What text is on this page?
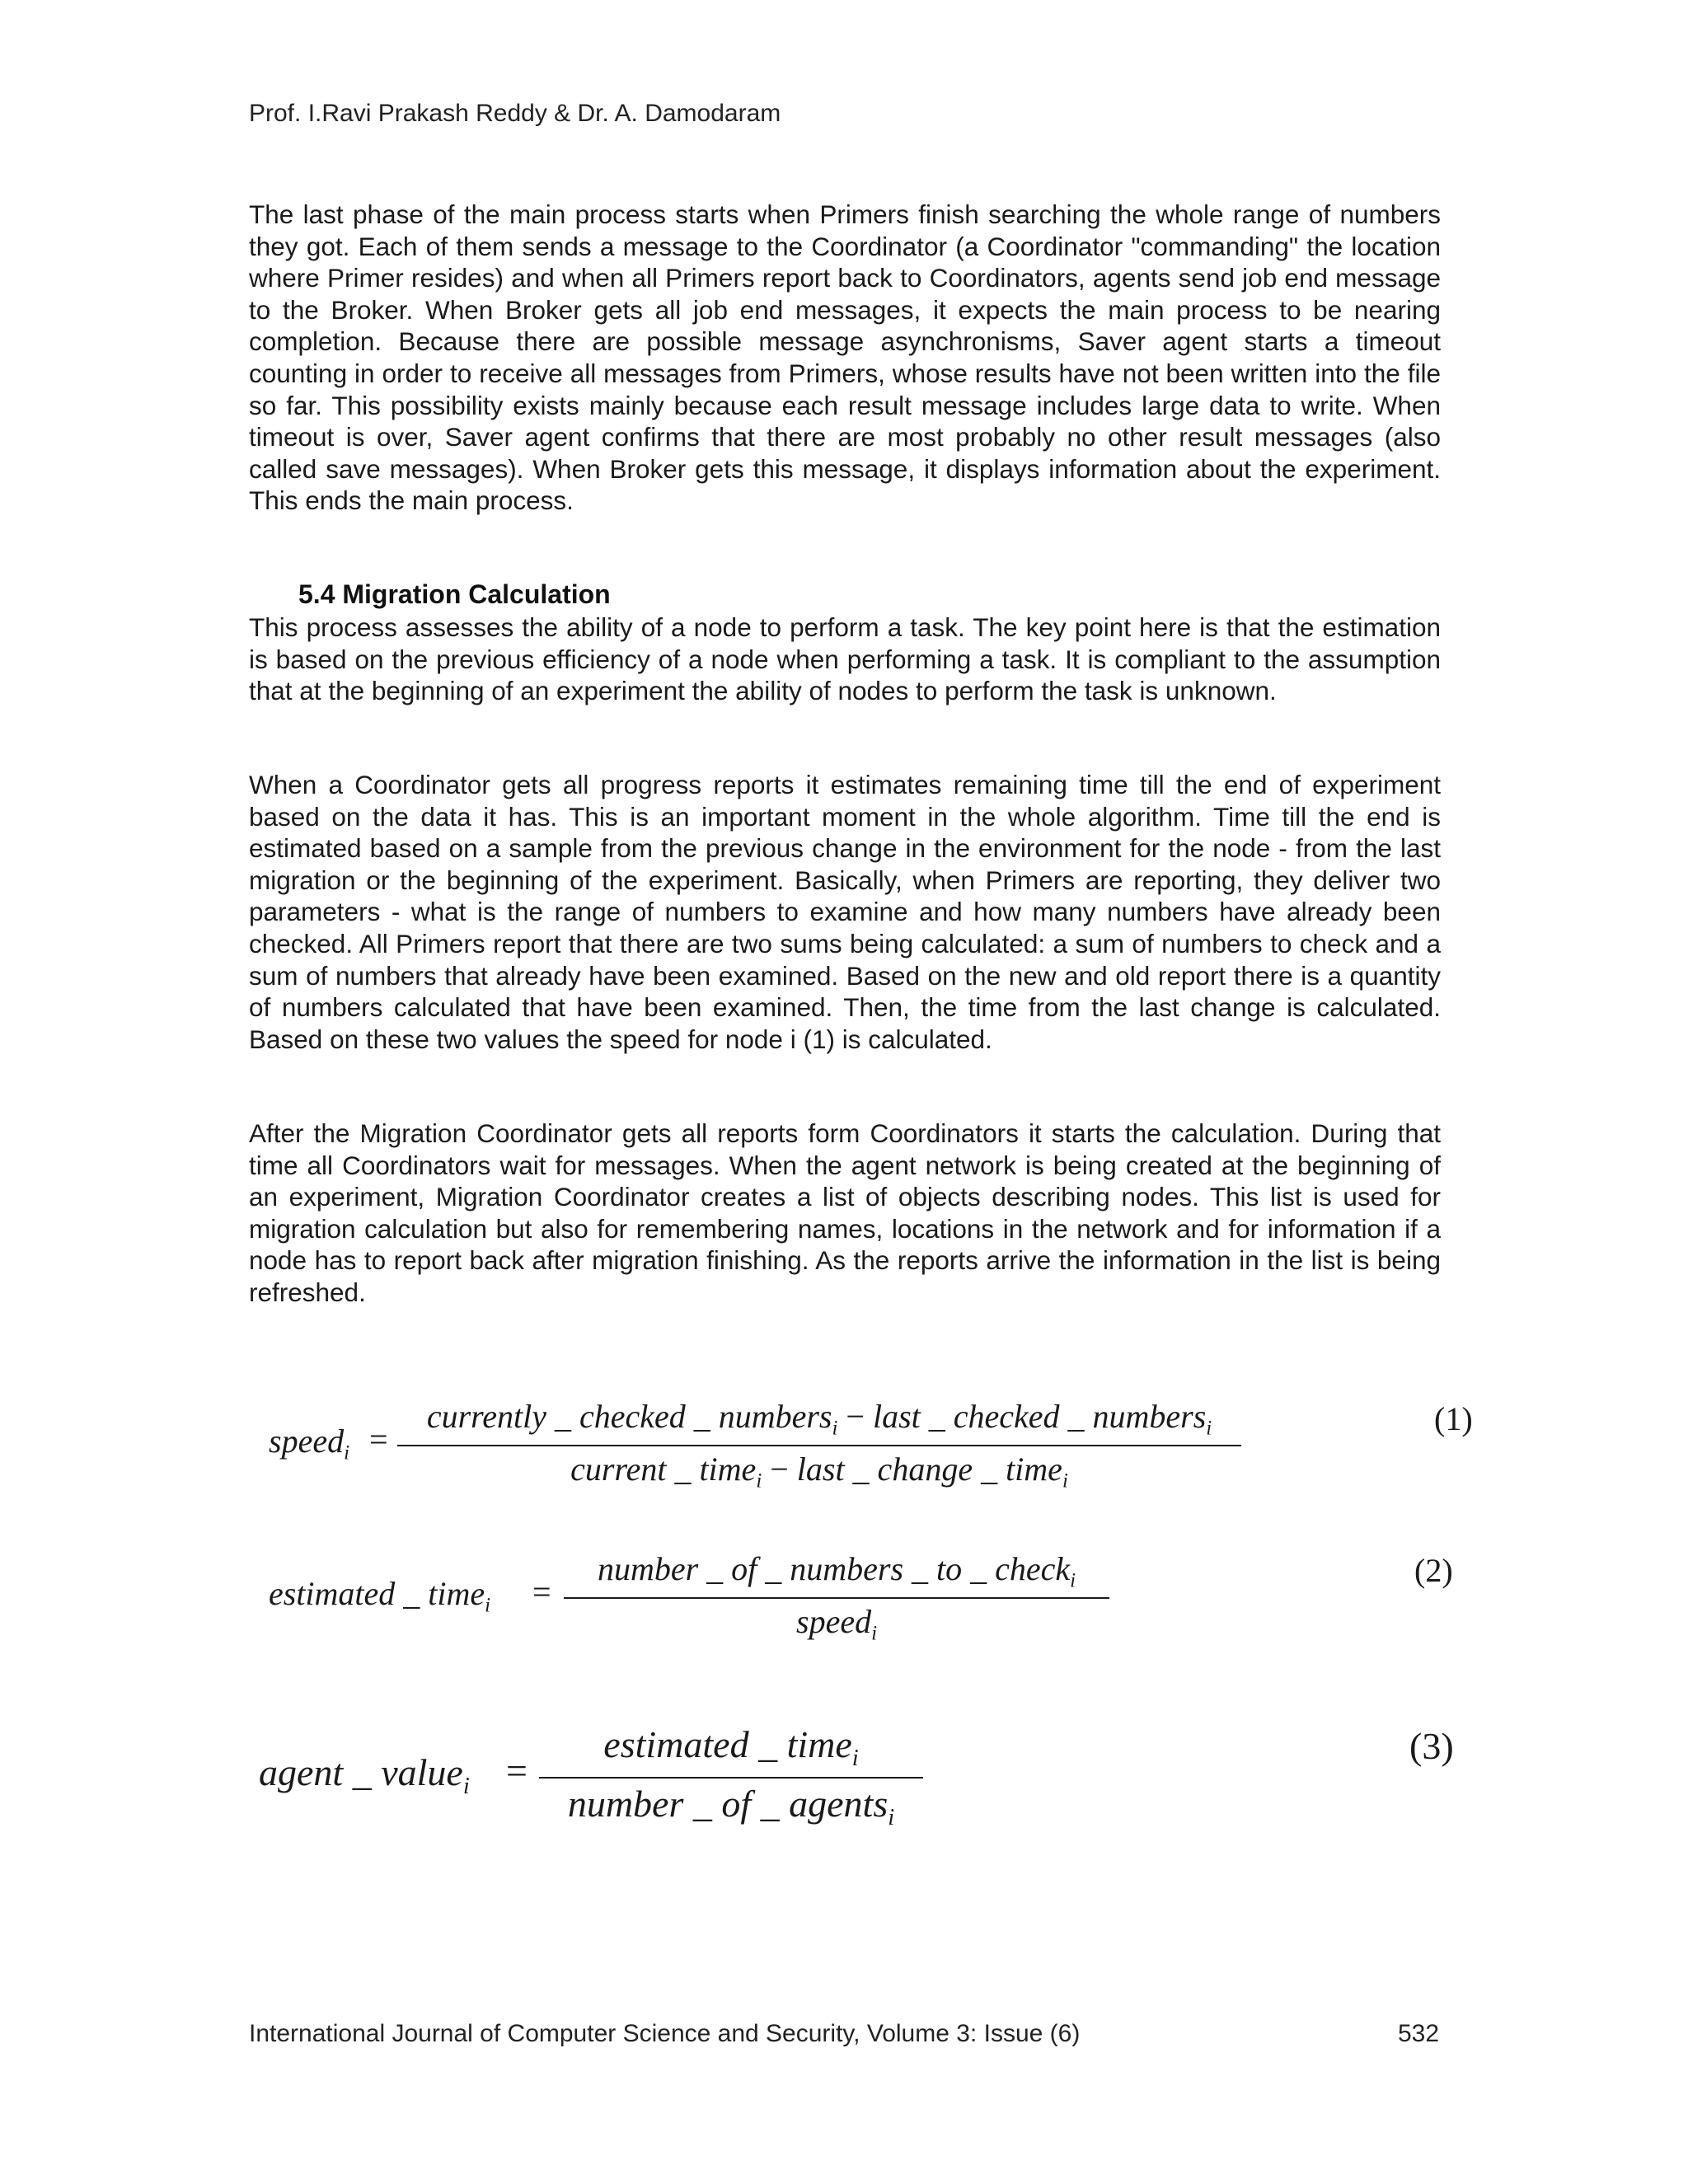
Prof. I.Ravi Prakash Reddy & Dr. A. Damodaram

The last phase of the main process starts when Primers finish searching the whole range of numbers they got. Each of them sends a message to the Coordinator (a Coordinator "commanding" the location where Primer resides) and when all Primers report back to Coordinators, agents send job end message to the Broker. When Broker gets all job end messages, it expects the main process to be nearing completion. Because there are possible message asynchronisms, Saver agent starts a timeout counting in order to receive all messages from Primers, whose results have not been written into the file so far. This possibility exists mainly because each result message includes large data to write. When timeout is over, Saver agent confirms that there are most probably no other result messages (also called save messages). When Broker gets this message, it displays information about the experiment. This ends the main process.

5.4 Migration Calculation

This process assesses the ability of a node to perform a task. The key point here is that the estimation is based on the previous efficiency of a node when performing a task. It is compliant to the assumption that at the beginning of an experiment the ability of nodes to perform the task is unknown.

When a Coordinator gets all progress reports it estimates remaining time till the end of experiment based on the data it has. This is an important moment in the whole algorithm. Time till the end is estimated based on a sample from the previous change in the environment for the node - from the last migration or the beginning of the experiment. Basically, when Primers are reporting, they deliver two parameters - what is the range of numbers to examine and how many numbers have already been checked. All Primers report that there are two sums being calculated: a sum of numbers to check and a sum of numbers that already have been examined. Based on the new and old report there is a quantity of numbers calculated that have been examined. Then, the time from the last change is calculated. Based on these two values the speed for node i (1) is calculated.

After the Migration Coordinator gets all reports form Coordinators it starts the calculation. During that time all Coordinators wait for messages. When the agent network is being created at the beginning of an experiment, Migration Coordinator creates a list of objects describing nodes. This list is used for migration calculation but also for remembering names, locations in the network and for information if a node has to report back after migration finishing. As the reports arrive the information in the list is being refreshed.

speed$_i$ =
currently _ checked _ numbers$_i$ − last _ checked _ numbers$_i$
current _ time$_i$ − last _ change _ time$_i$
(1)
estimated _ time$_i$ =
number _ of _ numbers _ to _ check$_i$
speed$_i$
(2)
agent _ value$_i$ =
estimated _ time$_i$
number _ of _ agents$_i$
(3)
International Journal of Computer Science and Security, Volume 3: Issue (6)	532
